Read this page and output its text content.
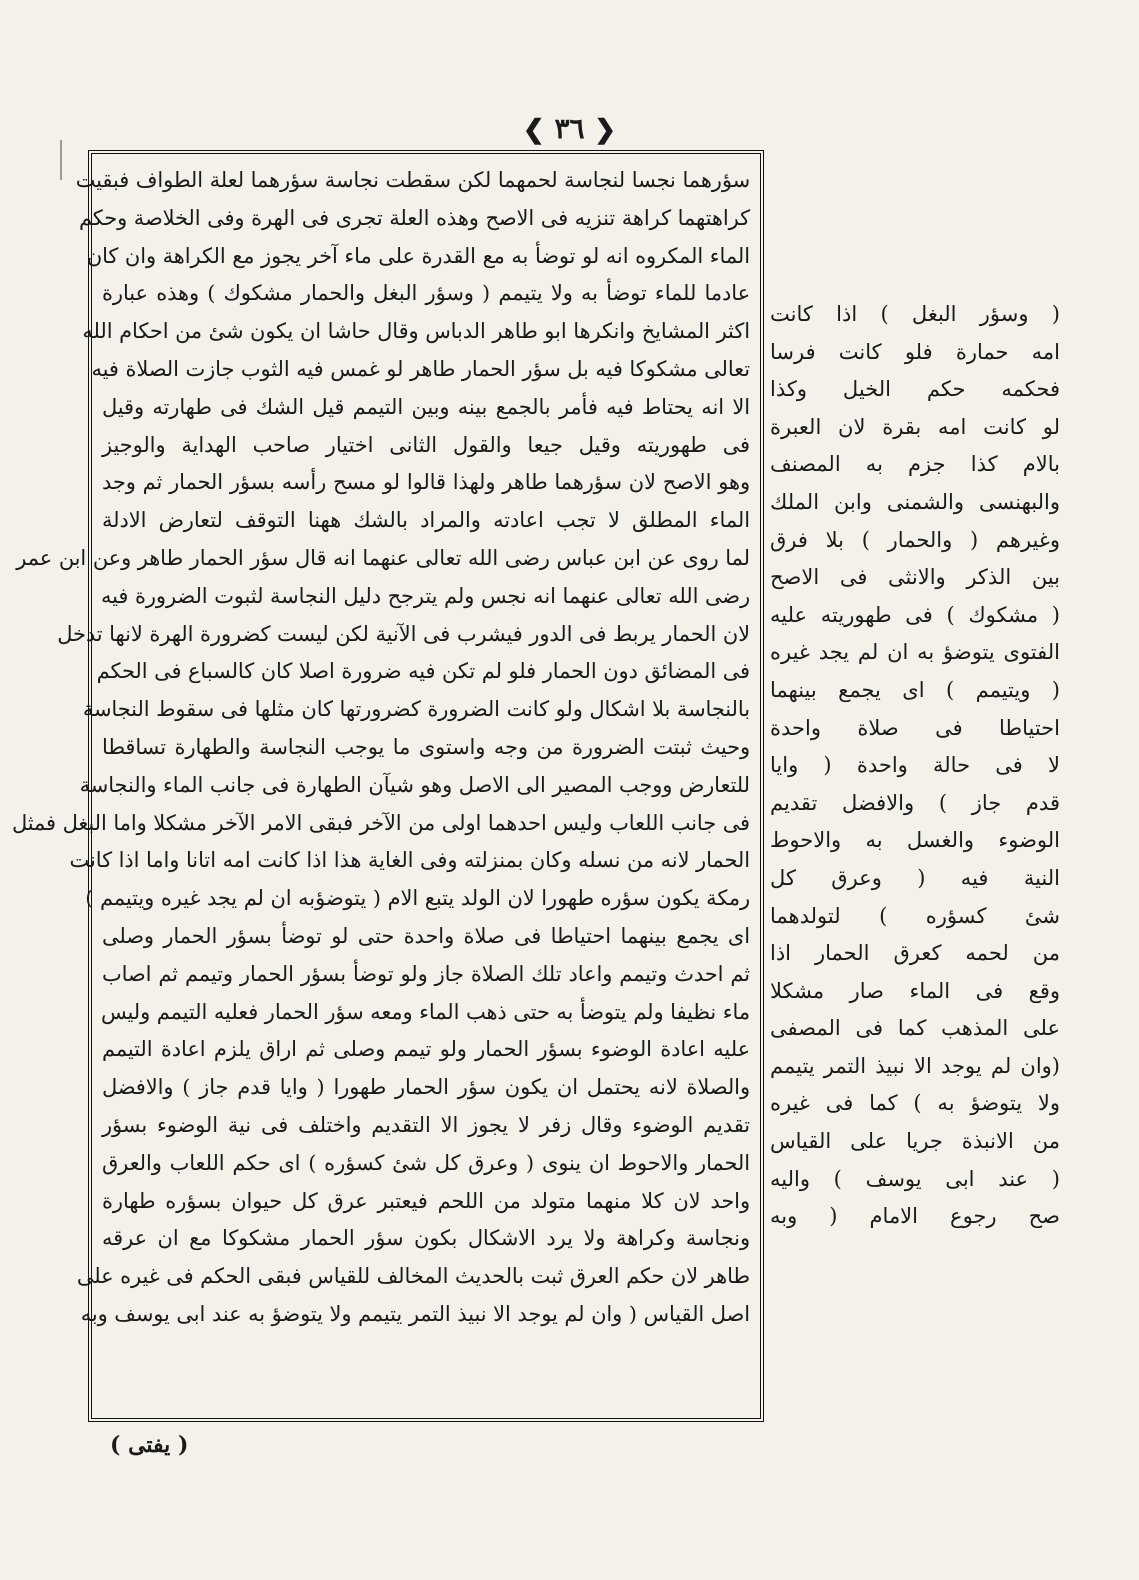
❮ ٣٦ ❯
سؤرهما نجسا لنجاسة لحمهما لكن سقطت نجاسة سؤرهما لعلة الطواف فبقيت
كراهتهما كراهة تنزيه فى الاصح وهذه العلة تجرى فى الهرة وفى الخلاصة وحكم
الماء المكروه انه لو توضأ به مع القدرة على ماء آخر يجوز مع الكراهة وان كان
عادما للماء توضأ به ولا يتيمم ( وسؤر البغل والحمار مشكوك ) وهذه عبارة
اكثر المشايخ وانكرها ابو طاهر الدباس وقال حاشا ان يكون شئ من احكام الله
تعالى مشكوكا فيه بل سؤر الحمار طاهر لو غمس فيه الثوب جازت الصلاة فيه
الا انه يحتاط فيه فأمر بالجمع بينه وبين التيمم قيل الشك فى طهارته وقيل
فى طهوريته وقيل جيعا والقول الثانى اختيار صاحب الهداية والوجيز
وهو الاصح لان سؤرهما طاهر ولهذا قالوا لو مسح رأسه بسؤر الحمار ثم وجد
الماء المطلق لا تجب اعادته والمراد بالشك ههنا التوقف لتعارض الادلة
لما روى عن ابن عباس رضى الله تعالى عنهما انه قال سؤر الحمار طاهر وعن ابن عمر
رضى الله تعالى عنهما انه نجس ولم يترجح دليل النجاسة لثبوت الضرورة فيه
لان الحمار يربط فى الدور فيشرب فى الآنية لكن ليست كضرورة الهرة لانها تدخل
فى المضائق دون الحمار فلو لم تكن فيه ضرورة اصلا كان كالسباع فى الحكم
بالنجاسة بلا اشكال ولو كانت الضرورة كضرورتها كان مثلها فى سقوط النجاسة
وحيث ثبتت الضرورة من وجه واستوى ما يوجب النجاسة والطهارة تساقطا
للتعارض ووجب المصير الى الاصل وهو شيآن الطهارة فى جانب الماء والنجاسة
فى جانب اللعاب وليس احدهما اولى من الآخر فبقى الامر الآخر مشكلا واما البغل فمثل
الحمار لانه من نسله وكان بمنزلته وفى الغاية هذا اذا كانت امه اتانا واما اذا كانت
رمكة يكون سؤره طهورا لان الولد يتبع الام ( يتوضؤبه ان لم يجد غيره ويتيمم )
اى يجمع بينهما احتياطا فى صلاة واحدة حتى لو توضأ بسؤر الحمار وصلى
ثم احدث وتيمم واعاد تلك الصلاة جاز ولو توضأ بسؤر الحمار وتيمم ثم اصاب
ماء نظيفا ولم يتوضأ به حتى ذهب الماء ومعه سؤر الحمار فعليه التيمم وليس
عليه اعادة الوضوء بسؤر الحمار ولو تيمم وصلى ثم اراق يلزم اعادة التيمم
والصلاة لانه يحتمل ان يكون سؤر الحمار طهورا ( وايا قدم جاز ) والافضل
تقديم الوضوء وقال زفر لا يجوز الا التقديم واختلف فى نية الوضوء بسؤر
الحمار والاحوط ان ينوى ( وعرق كل شئ كسؤره ) اى حكم اللعاب والعرق
واحد لان كلا منهما متولد من اللحم فيعتبر عرق كل حيوان بسؤره طهارة
ونجاسة وكراهة ولا يرد الاشكال بكون سؤر الحمار مشكوكا مع ان عرقه
طاهر لان حكم العرق ثبت بالحديث المخالف للقياس فبقى الحكم فى غيره على
اصل القياس ( وان لم يوجد الا نبيذ التمر يتيمم ولا يتوضؤ به عند ابى يوسف وبه
( وسؤر البغل ) اذا كانت
امه حمارة فلو كانت فرسا
فحكمه حكم الخيل وكذا
لو كانت امه بقرة لان العبرة
بالام كذا جزم به المصنف
والبهنسى والشمنى وابن الملك
وغيرهم ( والحمار ) بلا فرق
بين الذكر والانثى فى الاصح
( مشكوك ) فى طهوريته عليه
الفتوى يتوضؤ به ان لم يجد غيره
( ويتيمم ) اى يجمع بينهما
احتياطا فى صلاة واحدة
لا فى حالة واحدة ( وايا
قدم جاز ) والافضل تقديم
الوضوء والغسل به والاحوط
النية فيه ( وعرق كل
شئ كسؤره ) لتولدهما
من لحمه كعرق الحمار اذا
وقع فى الماء صار مشكلا
على المذهب كما فى المصفى
(وان لم يوجد الا نبيذ التمر يتيمم
ولا يتوضؤ به ) كما فى غيره
من الانبذة جريا على القياس
( عند ابى يوسف ) واليه
صح رجوع الامام ( وبه
( يفتى )
